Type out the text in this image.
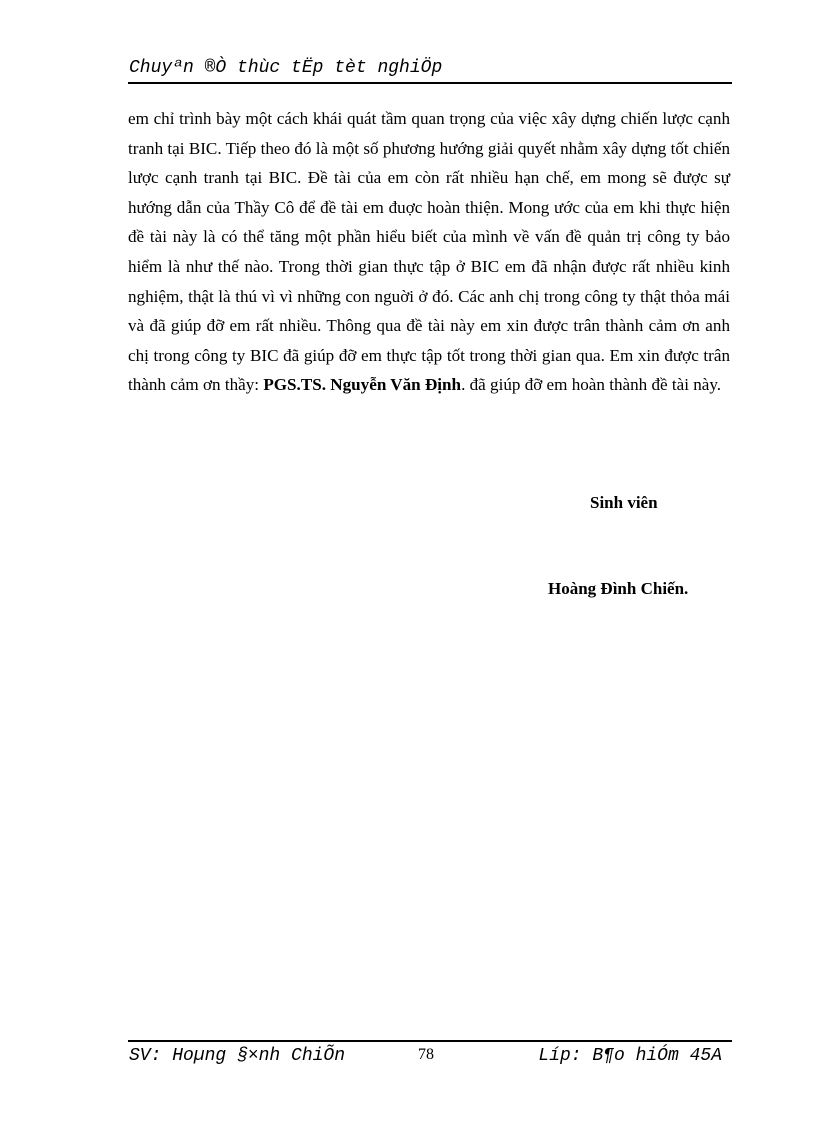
Chuyªn ®Ò thùc tËp tèt nghiÖp

em chỉ trình bày một cách khái quát tầm quan trọng của việc xây dựng chiến lược cạnh tranh tại BIC. Tiếp theo đó là một số phương hướng giải quyết nhằm xây dựng tốt chiến lược cạnh tranh tại BIC. Đề tài của em còn rất nhiều hạn chế, em mong sẽ được sự hướng dẫn của Thầy Cô để đề tài em đuợc hoàn thiện. Mong ước của em khi thực hiện đề tài này là có thể tăng một phần hiểu biết của mình về vấn đề quản trị công ty bảo hiểm là như thế nào. Trong thời gian thực tập ở BIC em đã nhận được rất nhiều kinh nghiệm, thật là thú vì vì những con nguời ở đó. Các anh chị trong công ty thật thỏa mái và đã giúp đỡ em rất nhiều. Thông qua đề tài này em xin được trân thành cảm ơn anh chị trong công ty BIC đã giúp đỡ em thực tập tốt trong thời gian qua. Em xin được trân thành cảm ơn thầy: PGS.TS. Nguyễn Văn Định. đã giúp đỡ em hoàn thành đề tài này.

Sinh viên
Hoàng Đình Chiến.
SV: Hoµng §×nh ChiÕn	78	Líp: B¶o hiÓm 45A
